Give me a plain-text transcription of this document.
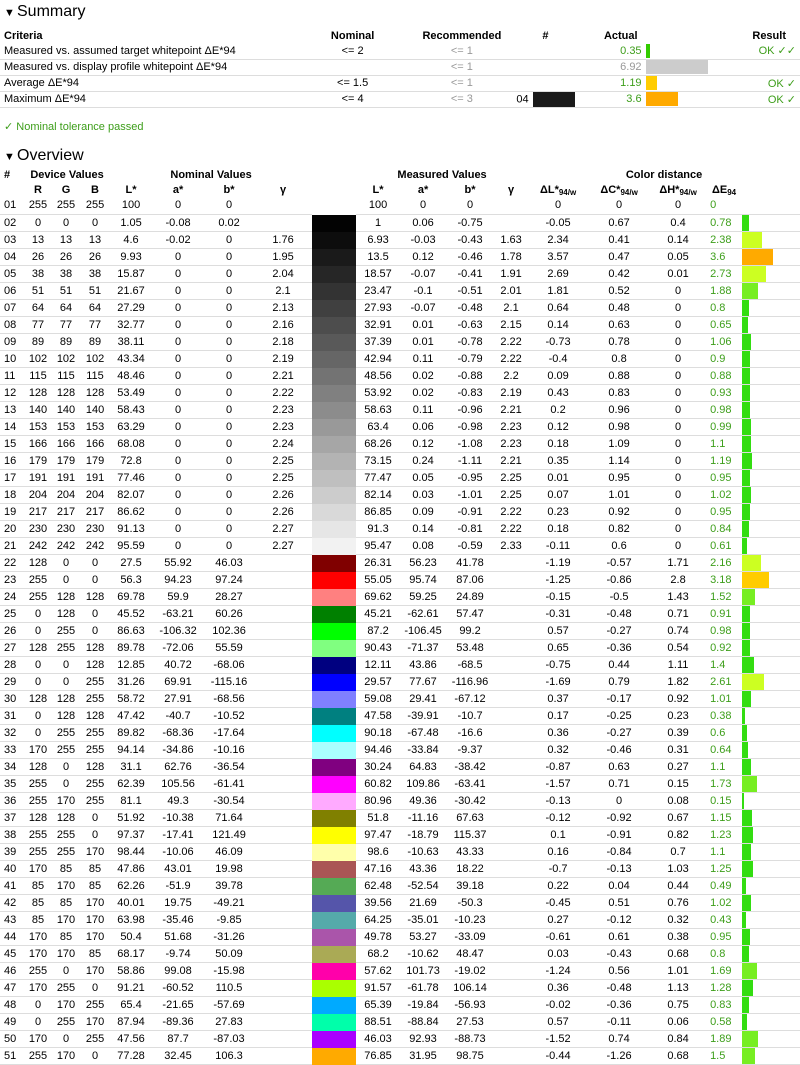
▼ Summary
Criteria	Nominal	Recommended	#	Actual		Result
Measured vs. assumed target whitepoint ΔE*94	<= 2	<= 1		0.35		OK ✓✓
Measured vs. display profile whitepoint ΔE*94		<= 1		6.92		
Average ΔE*94	<= 1.5	<= 1		1.19		OK ✓
Maximum ΔE*94	<= 4	<= 3	04	3.6		OK ✓
✓ Nominal tolerance passed
▼ Overview
#	Device Values			Nominal Values					Measured Values				Color distance				
	R	G	B	L*	a*	b*	γ		L*	a*	b*	γ	$\Delta L*_{94/w}$	$\Delta C*_{94/w}$	$\Delta H*_{94/w}$	$\Delta E_{94}$	
01	255	255	255	100	0	0			100	0	0		0	0	0	0	
02	0	0	0	1.05	-0.08	0.02			1	0.06	-0.75		-0.05	0.67	0.4	0.78	

03	13	13	13	4.6	-0.02	0	1.76		6.93	-0.03	-0.43	1.63	2.34	0.41	0.14	2.38	

04	26	26	26	9.93	0	0	1.95		13.5	0.12	-0.46	1.78	3.57	0.47	0.05	3.6	

05	38	38	38	15.87	0	0	2.04		18.57	-0.07	-0.41	1.91	2.69	0.42	0.01	2.73	

06	51	51	51	21.67	0	0	2.1		23.47	-0.1	-0.51	2.01	1.81	0.52	0	1.88	

07	64	64	64	27.29	0	0	2.13		27.93	-0.07	-0.48	2.1	0.64	0.48	0	0.8	

08	77	77	77	32.77	0	0	2.16		32.91	0.01	-0.63	2.15	0.14	0.63	0	0.65	

09	89	89	89	38.11	0	0	2.18		37.39	0.01	-0.78	2.22	-0.73	0.78	0	1.06	

10	102	102	102	43.34	0	0	2.19		42.94	0.11	-0.79	2.22	-0.4	0.8	0	0.9	

11	115	115	115	48.46	0	0	2.21		48.56	0.02	-0.88	2.2	0.09	0.88	0	0.88	

12	128	128	128	53.49	0	0	2.22		53.92	0.02	-0.83	2.19	0.43	0.83	0	0.93	

13	140	140	140	58.43	0	0	2.23		58.63	0.11	-0.96	2.21	0.2	0.96	0	0.98	

14	153	153	153	63.29	0	0	2.23		63.4	0.06	-0.98	2.23	0.12	0.98	0	0.99	

15	166	166	166	68.08	0	0	2.24		68.26	0.12	-1.08	2.23	0.18	1.09	0	1.1	

16	179	179	179	72.8	0	0	2.25		73.15	0.24	-1.11	2.21	0.35	1.14	0	1.19	

17	191	191	191	77.46	0	0	2.25		77.47	0.05	-0.95	2.25	0.01	0.95	0	0.95	

18	204	204	204	82.07	0	0	2.26		82.14	0.03	-1.01	2.25	0.07	1.01	0	1.02	

19	217	217	217	86.62	0	0	2.26		86.85	0.09	-0.91	2.22	0.23	0.92	0	0.95	

20	230	230	230	91.13	0	0	2.27		91.3	0.14	-0.81	2.22	0.18	0.82	0	0.84	

21	242	242	242	95.59	0	0	2.27		95.47	0.08	-0.59	2.33	-0.11	0.6	0	0.61	

22	128	0	0	27.5	55.92	46.03			26.31	56.23	41.78		-1.19	-0.57	1.71	2.16	

23	255	0	0	56.3	94.23	97.24			55.05	95.74	87.06		-1.25	-0.86	2.8	3.18	

24	255	128	128	69.78	59.9	28.27			69.62	59.25	24.89		-0.15	-0.5	1.43	1.52	

25	0	128	0	45.52	-63.21	60.26			45.21	-62.61	57.47		-0.31	-0.48	0.71	0.91	

26	0	255	0	86.63	-106.32	102.36			87.2	-106.45	99.2		0.57	-0.27	0.74	0.98	

27	128	255	128	89.78	-72.06	55.59			90.43	-71.37	53.48		0.65	-0.36	0.54	0.92	

28	0	0	128	12.85	40.72	-68.06			12.11	43.86	-68.5		-0.75	0.44	1.11	1.4	

29	0	0	255	31.26	69.91	-115.16			29.57	77.67	-116.96		-1.69	0.79	1.82	2.61	

30	128	128	255	58.72	27.91	-68.56			59.08	29.41	-67.12		0.37	-0.17	0.92	1.01	

31	0	128	128	47.42	-40.7	-10.52			47.58	-39.91	-10.7		0.17	-0.25	0.23	0.38	

32	0	255	255	89.82	-68.36	-17.64			90.18	-67.48	-16.6		0.36	-0.27	0.39	0.6	

33	170	255	255	94.14	-34.86	-10.16			94.46	-33.84	-9.37		0.32	-0.46	0.31	0.64	

34	128	0	128	31.1	62.76	-36.54			30.24	64.83	-38.42		-0.87	0.63	0.27	1.1	

35	255	0	255	62.39	105.56	-61.41			60.82	109.86	-63.41		-1.57	0.71	0.15	1.73	

36	255	170	255	81.1	49.3	-30.54			80.96	49.36	-30.42		-0.13	0	0.08	0.15	

37	128	128	0	51.92	-10.38	71.64			51.8	-11.16	67.63		-0.12	-0.92	0.67	1.15	

38	255	255	0	97.37	-17.41	121.49			97.47	-18.79	115.37		0.1	-0.91	0.82	1.23	

39	255	255	170	98.44	-10.06	46.09			98.6	-10.63	43.33		0.16	-0.84	0.7	1.1	

40	170	85	85	47.86	43.01	19.98			47.16	43.36	18.22		-0.7	-0.13	1.03	1.25	

41	85	170	85	62.26	-51.9	39.78			62.48	-52.54	39.18		0.22	0.04	0.44	0.49	

42	85	85	170	40.01	19.75	-49.21			39.56	21.69	-50.3		-0.45	0.51	0.76	1.02	

43	85	170	170	63.98	-35.46	-9.85			64.25	-35.01	-10.23		0.27	-0.12	0.32	0.43	

44	170	85	170	50.4	51.68	-31.26			49.78	53.27	-33.09		-0.61	0.61	0.38	0.95	

45	170	170	85	68.17	-9.74	50.09			68.2	-10.62	48.47		0.03	-0.43	0.68	0.8	

46	255	0	170	58.86	99.08	-15.98			57.62	101.73	-19.02		-1.24	0.56	1.01	1.69	

47	170	255	0	91.21	-60.52	110.5			91.57	-61.78	106.14		0.36	-0.48	1.13	1.28	

48	0	170	255	65.4	-21.65	-57.69			65.39	-19.84	-56.93		-0.02	-0.36	0.75	0.83	

49	0	255	170	87.94	-89.36	27.83			88.51	-88.84	27.53		0.57	-0.11	0.06	0.58	

50	170	0	255	47.56	87.7	-87.03			46.03	92.93	-88.73		-1.52	0.74	0.84	1.89	

51	255	170	0	77.28	32.45	106.3			76.85	31.95	98.75		-0.44	-1.26	0.68	1.5	
